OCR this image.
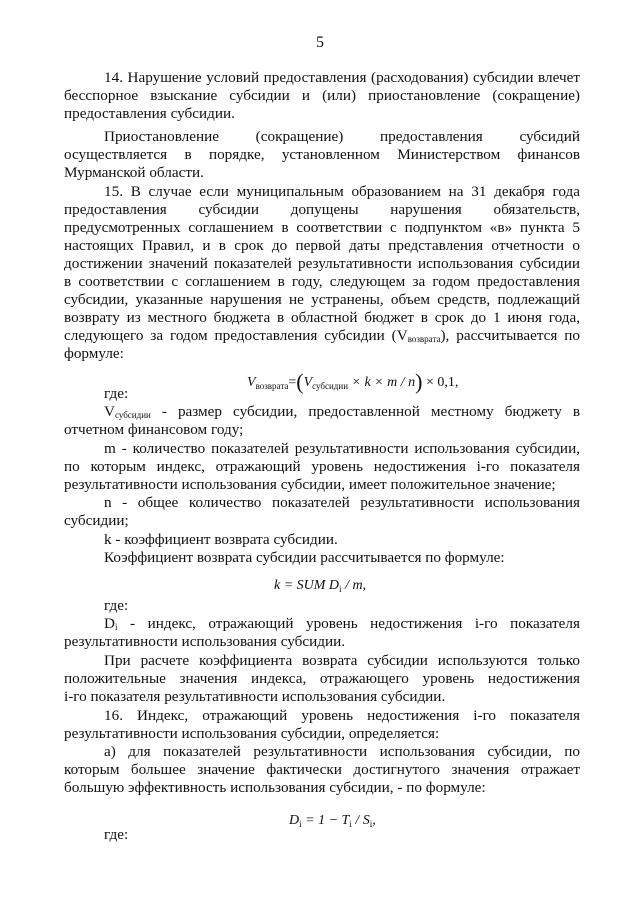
5
14. Нарушение условий предоставления (расходования) субсидии влечет
бесспорное взыскание субсидии и (или) приостановление (сокращение)
предоставления субсидии.
Приостановление (сокращение) предоставления субсидий
осуществляется в порядке, установленном Министерством финансов
Мурманской области.
15. В случае если муниципальным образованием на 31 декабря года
предоставления субсидии допущены нарушения обязательств,
предусмотренных соглашением в соответствии с подпунктом «в» пункта 5
настоящих Правил, и в срок до первой даты представления отчетности о
достижении значений показателей результативности использования субсидии
в соответствии с соглашением в году, следующем за годом предоставления
субсидии, указанные нарушения не устранены, объем средств, подлежащий
возврату из местного бюджета в областной бюджет в срок до 1 июня года,
следующего за годом предоставления субсидии $(V_{возврата})$, рассчитывается по
формуле:
где:
$V_{субсидии}$ - размер субсидии, предоставленной местному бюджету в
отчетном финансовом году;
m - количество показателей результативности использования субсидии,
по которым индекс, отражающий уровень недостижения i-го показателя
результативности использования субсидии, имеет положительное значение;
n - общее количество показателей результативности использования
субсидии;
k - коэффициент возврата субсидии.
Коэффициент возврата субсидии рассчитывается по формуле:
где:
$D_i$ - индекс, отражающий уровень недостижения i-го показателя
результативности использования субсидии.
При расчете коэффициента возврата субсидии используются только
положительные значения индекса, отражающего уровень недостижения
i-го показателя результативности использования субсидии.
16. Индекс, отражающий уровень недостижения i-го показателя
результативности использования субсидии, определяется:
а) для показателей результативности использования субсидии, по
которым большее значение фактически достигнутого значения отражает
большую эффективность использования субсидии, - по формуле:
где:
$V_{возврата}=(V_{субсидии} \times k \times m / n) \times 0,1$,
k = SUM $D_i$ / m,
$D_i = 1 - T_i / S_i$,
